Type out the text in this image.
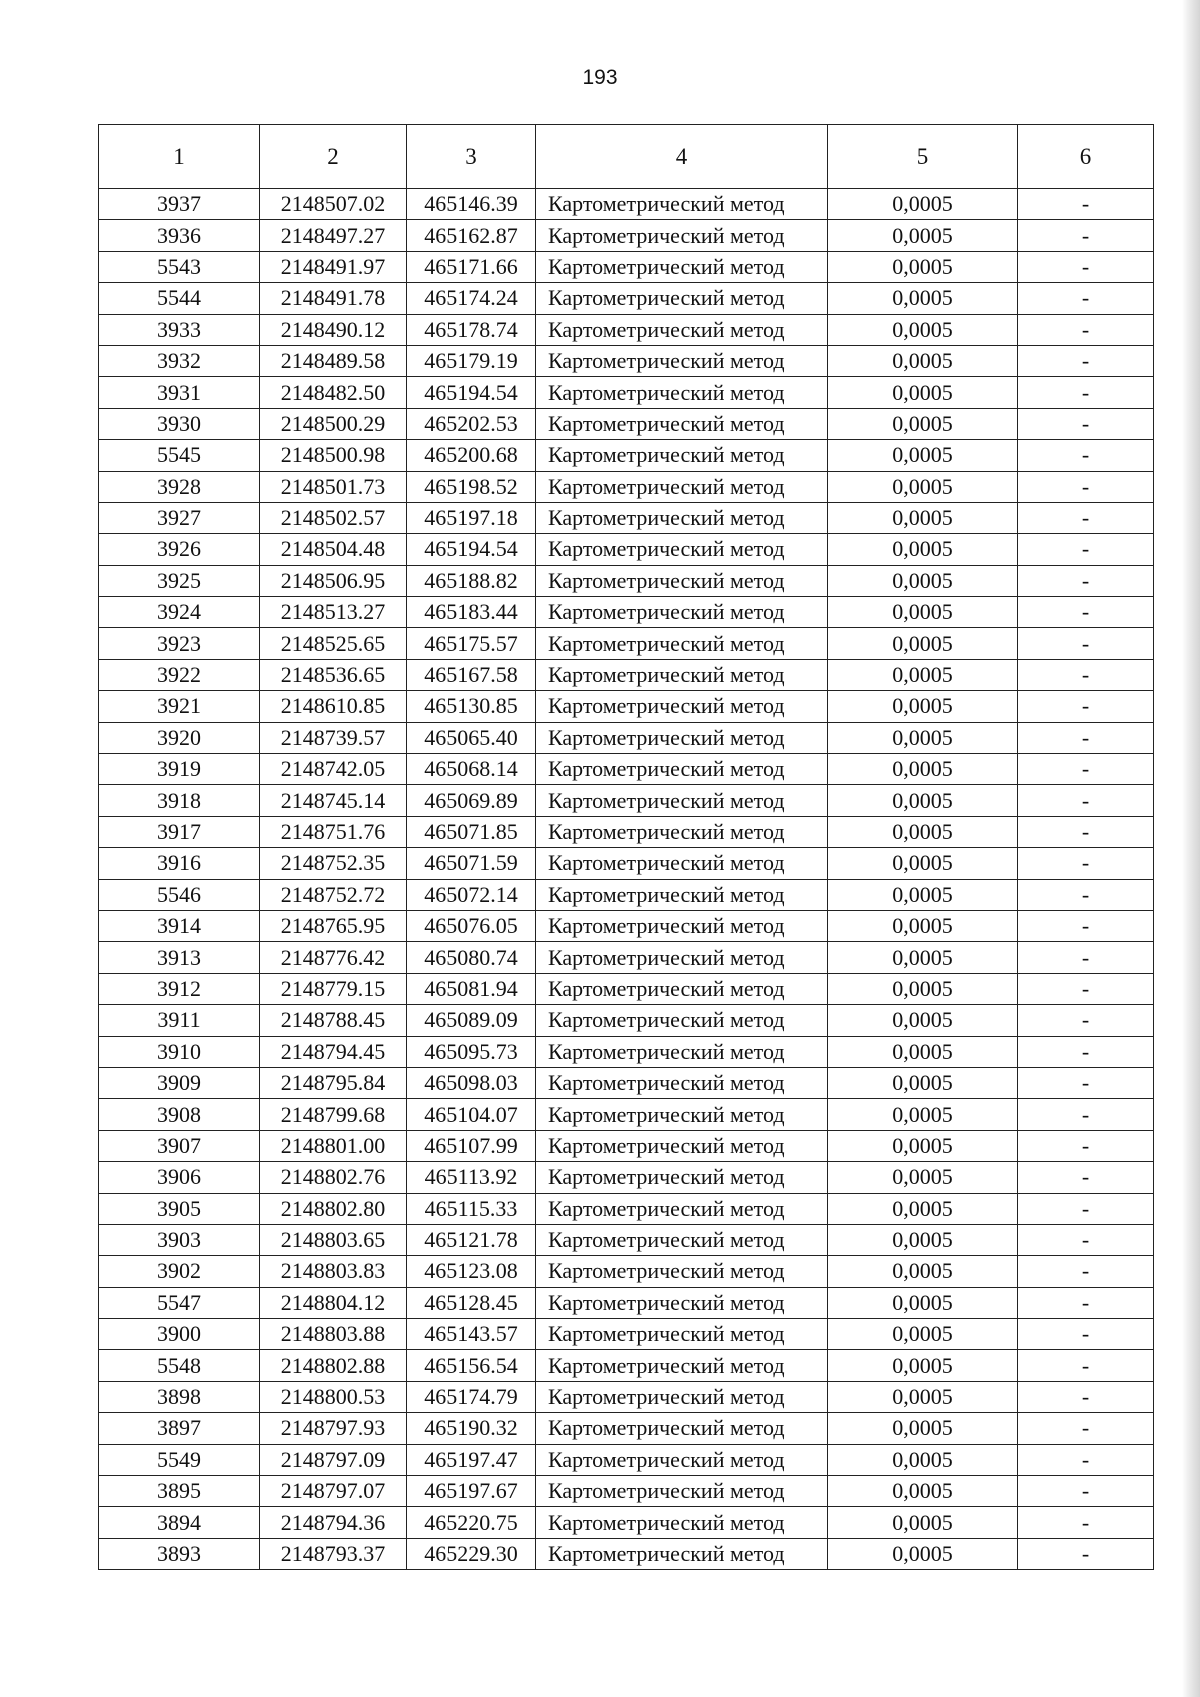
193
1	2	3	4	5	6
3937	2148507.02	465146.39	Картометрический метод	0,0005	-
3936	2148497.27	465162.87	Картометрический метод	0,0005	-
5543	2148491.97	465171.66	Картометрический метод	0,0005	-
5544	2148491.78	465174.24	Картометрический метод	0,0005	-
3933	2148490.12	465178.74	Картометрический метод	0,0005	-
3932	2148489.58	465179.19	Картометрический метод	0,0005	-
3931	2148482.50	465194.54	Картометрический метод	0,0005	-
3930	2148500.29	465202.53	Картометрический метод	0,0005	-
5545	2148500.98	465200.68	Картометрический метод	0,0005	-
3928	2148501.73	465198.52	Картометрический метод	0,0005	-
3927	2148502.57	465197.18	Картометрический метод	0,0005	-
3926	2148504.48	465194.54	Картометрический метод	0,0005	-
3925	2148506.95	465188.82	Картометрический метод	0,0005	-
3924	2148513.27	465183.44	Картометрический метод	0,0005	-
3923	2148525.65	465175.57	Картометрический метод	0,0005	-
3922	2148536.65	465167.58	Картометрический метод	0,0005	-
3921	2148610.85	465130.85	Картометрический метод	0,0005	-
3920	2148739.57	465065.40	Картометрический метод	0,0005	-
3919	2148742.05	465068.14	Картометрический метод	0,0005	-
3918	2148745.14	465069.89	Картометрический метод	0,0005	-
3917	2148751.76	465071.85	Картометрический метод	0,0005	-
3916	2148752.35	465071.59	Картометрический метод	0,0005	-
5546	2148752.72	465072.14	Картометрический метод	0,0005	-
3914	2148765.95	465076.05	Картометрический метод	0,0005	-
3913	2148776.42	465080.74	Картометрический метод	0,0005	-
3912	2148779.15	465081.94	Картометрический метод	0,0005	-
3911	2148788.45	465089.09	Картометрический метод	0,0005	-
3910	2148794.45	465095.73	Картометрический метод	0,0005	-
3909	2148795.84	465098.03	Картометрический метод	0,0005	-
3908	2148799.68	465104.07	Картометрический метод	0,0005	-
3907	2148801.00	465107.99	Картометрический метод	0,0005	-
3906	2148802.76	465113.92	Картометрический метод	0,0005	-
3905	2148802.80	465115.33	Картометрический метод	0,0005	-
3903	2148803.65	465121.78	Картометрический метод	0,0005	-
3902	2148803.83	465123.08	Картометрический метод	0,0005	-
5547	2148804.12	465128.45	Картометрический метод	0,0005	-
3900	2148803.88	465143.57	Картометрический метод	0,0005	-
5548	2148802.88	465156.54	Картометрический метод	0,0005	-
3898	2148800.53	465174.79	Картометрический метод	0,0005	-
3897	2148797.93	465190.32	Картометрический метод	0,0005	-
5549	2148797.09	465197.47	Картометрический метод	0,0005	-
3895	2148797.07	465197.67	Картометрический метод	0,0005	-
3894	2148794.36	465220.75	Картометрический метод	0,0005	-
3893	2148793.37	465229.30	Картометрический метод	0,0005	-
